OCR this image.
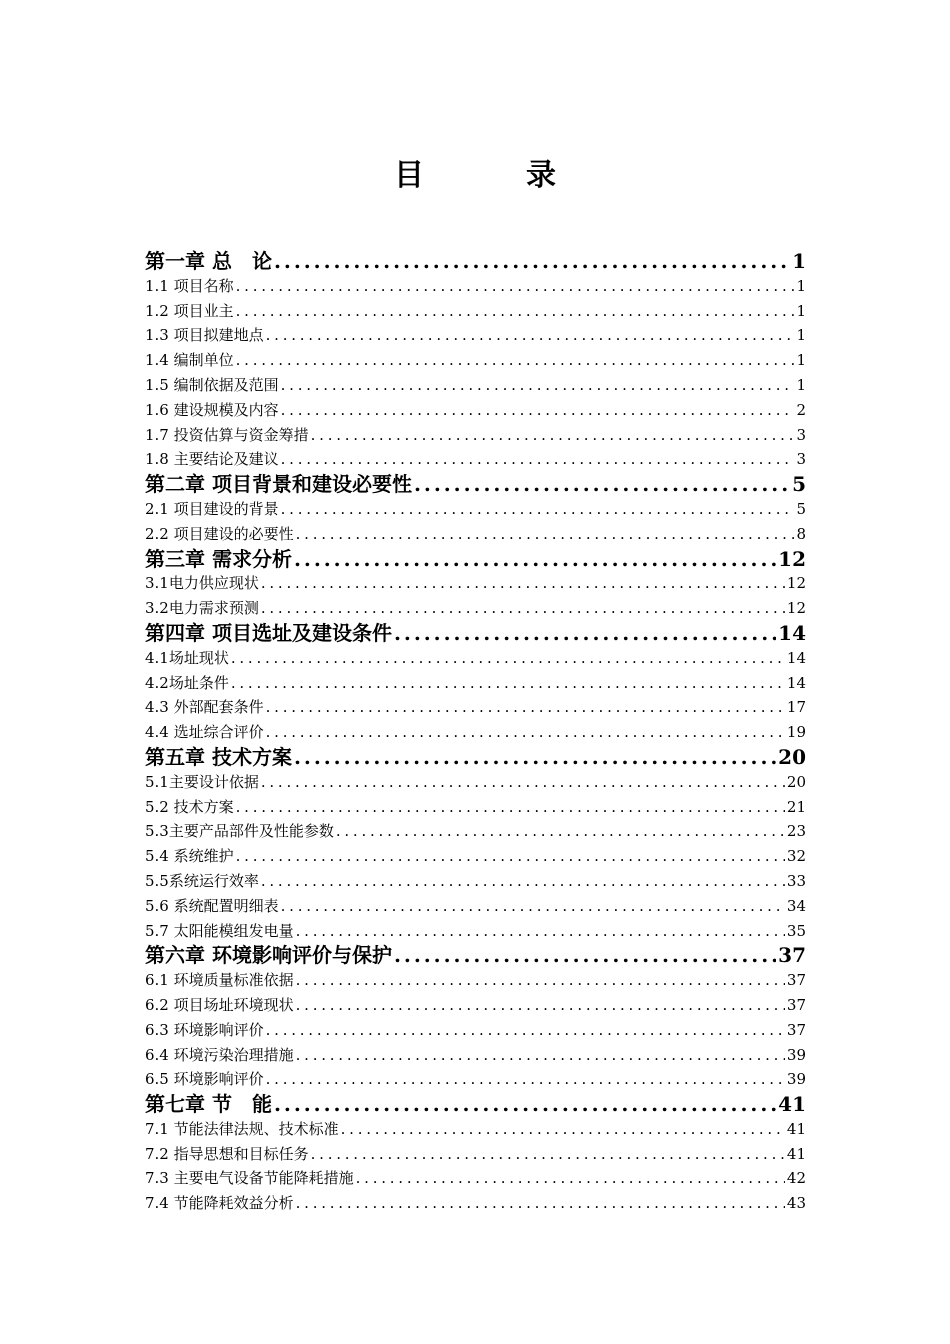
目　录
第一章 总　论 . . .	1
1.1 项目名称 . . .	1
1.2 项目业主 . . .	1
1.3 项目拟建地点 . . .	1
1.4 编制单位 . . .	1
1.5 编制依据及范围 . . .	1
1.6 建设规模及内容 . . .	2
1.7 投资估算与资金筹措 . . .	3
1.8 主要结论及建议 . . .	3
第二章 项目背景和建设必要性 . . .	5
2.1 项目建设的背景 . . .	5
2.2 项目建设的必要性 . . .	8
第三章 需求分析 . . .	12
3.1电力供应现状 . . .	12
3.2电力需求预测 . . .	12
第四章 项目选址及建设条件 . . .	14
4.1场址现状 . . .	14
4.2场址条件 . . .	14
4.3 外部配套条件 . . .	17
4.4 选址综合评价 . . .	19
第五章 技术方案 . . .	20
5.1主要设计依据 . . .	20
5.2 技术方案 . . .	21
5.3主要产品部件及性能参数 . . .	23
5.4 系统维护 . . .	32
5.5系统运行效率 . . .	33
5.6 系统配置明细表 . . .	34
5.7 太阳能模组发电量 . . .	35
第六章 环境影响评价与保护 . . .	37
6.1 环境质量标准依据 . . .	37
6.2 项目场址环境现状 . . .	37
6.3 环境影响评价 . . .	37
6.4 环境污染治理措施 . . .	39
6.5 环境影响评价 . . .	39
第七章 节　能 . . .	41
7.1 节能法律法规、技术标准 . . .	41
7.2 指导思想和目标任务 . . .	41
7.3 主要电气设备节能降耗措施 . . .	42
7.4 节能降耗效益分析 . . .	43
